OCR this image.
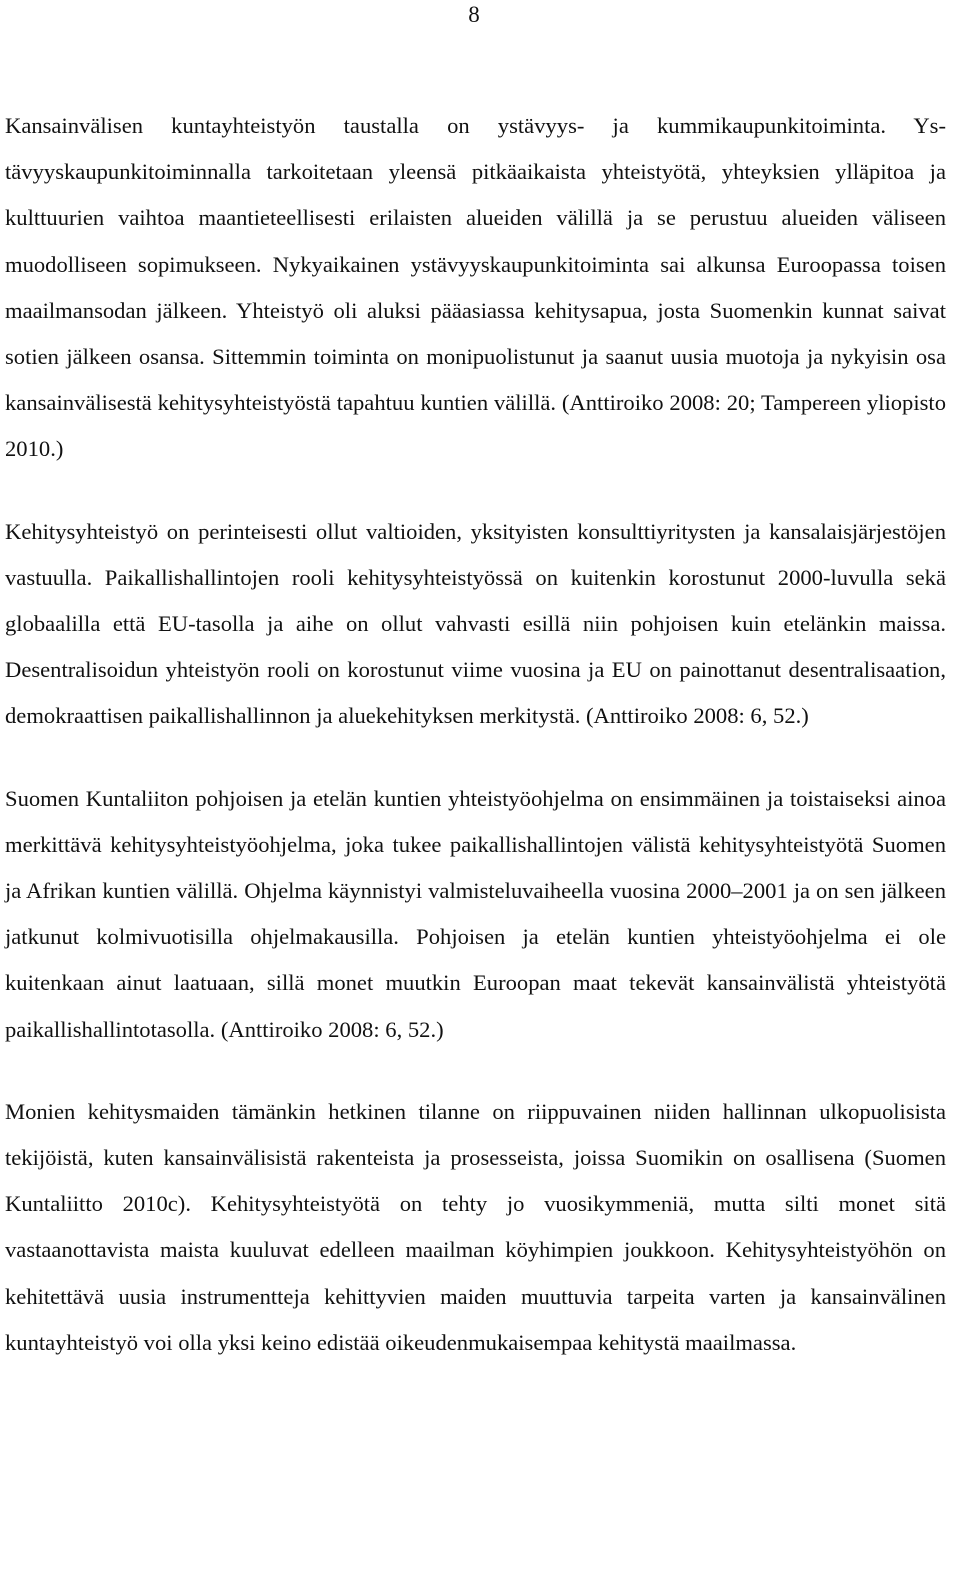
8

Kansainvälisen kuntayhteistyön taustalla on ystävyys- ja kummikaupunkitoiminta. Ystävyyskaupunkitoiminnalla tarkoitetaan yleensä pitkäaikaista yhteistyötä, yhteyksien ylläpitoa ja kulttuurien vaihtoa maantieteellisesti erilaisten alueiden välillä ja se perustuu alueiden väliseen muodolliseen sopimukseen. Nykyaikainen ystävyyskaupunkitoiminta sai alkunsa Euroopassa toisen maailmansodan jälkeen. Yhteistyö oli aluksi pääasiassa kehitysapua, josta Suomenkin kunnat saivat sotien jälkeen osansa. Sittemmin toiminta on monipuolistunut ja saanut uusia muotoja ja nykyisin osa kansainvälisestä kehitysyhteistyöstä tapahtuu kuntien välillä. (Anttiroiko 2008: 20; Tampereen yliopisto 2010.)

Kehitysyhteistyö on perinteisesti ollut valtioiden, yksityisten konsulttiyritysten ja kansalaisjärjestöjen vastuulla. Paikallishallintojen rooli kehitysyhteistyössä on kuitenkin korostunut 2000-luvulla sekä globaalilla että EU-tasolla ja aihe on ollut vahvasti esillä niin pohjoisen kuin etelänkin maissa. Desentralisoidun yhteistyön rooli on korostunut viime vuosina ja EU on painottanut desentralisaation, demokraattisen paikallishallinnon ja aluekehityksen merkitystä. (Anttiroiko 2008: 6, 52.)

Suomen Kuntaliiton pohjoisen ja etelän kuntien yhteistyöohjelma on ensimmäinen ja toistaiseksi ainoa merkittävä kehitysyhteistyöohjelma, joka tukee paikallishallintojen välistä kehitysyhteistyötä Suomen ja Afrikan kuntien välillä. Ohjelma käynnistyi valmisteluvaiheella vuosina 2000–2001 ja on sen jälkeen jatkunut kolmivuotisilla ohjelmakausilla. Pohjoisen ja etelän kuntien yhteistyöohjelma ei ole kuitenkaan ainut laatuaan, sillä monet muutkin Euroopan maat tekevät kansainvälistä yhteistyötä paikallishallintotasolla. (Anttiroiko 2008: 6, 52.)

Monien kehitysmaiden tämänkin hetkinen tilanne on riippuvainen niiden hallinnan ulkopuolisista tekijöistä, kuten kansainvälisistä rakenteista ja prosesseista, joissa Suomikin on osallisena (Suomen Kuntaliitto 2010c). Kehitysyhteistyötä on tehty jo vuosikymmeniä, mutta silti monet sitä vastaanottavista maista kuuluvat edelleen maailman köyhimpien joukkoon. Kehitysyhteistyöhön on kehitettävä uusia instrumentteja kehittyvien maiden muuttuvia tarpeita varten ja kansainvälinen kuntayhteistyö voi olla yksi keino edistää oikeudenmukaisempaa kehitystä maailmassa.
